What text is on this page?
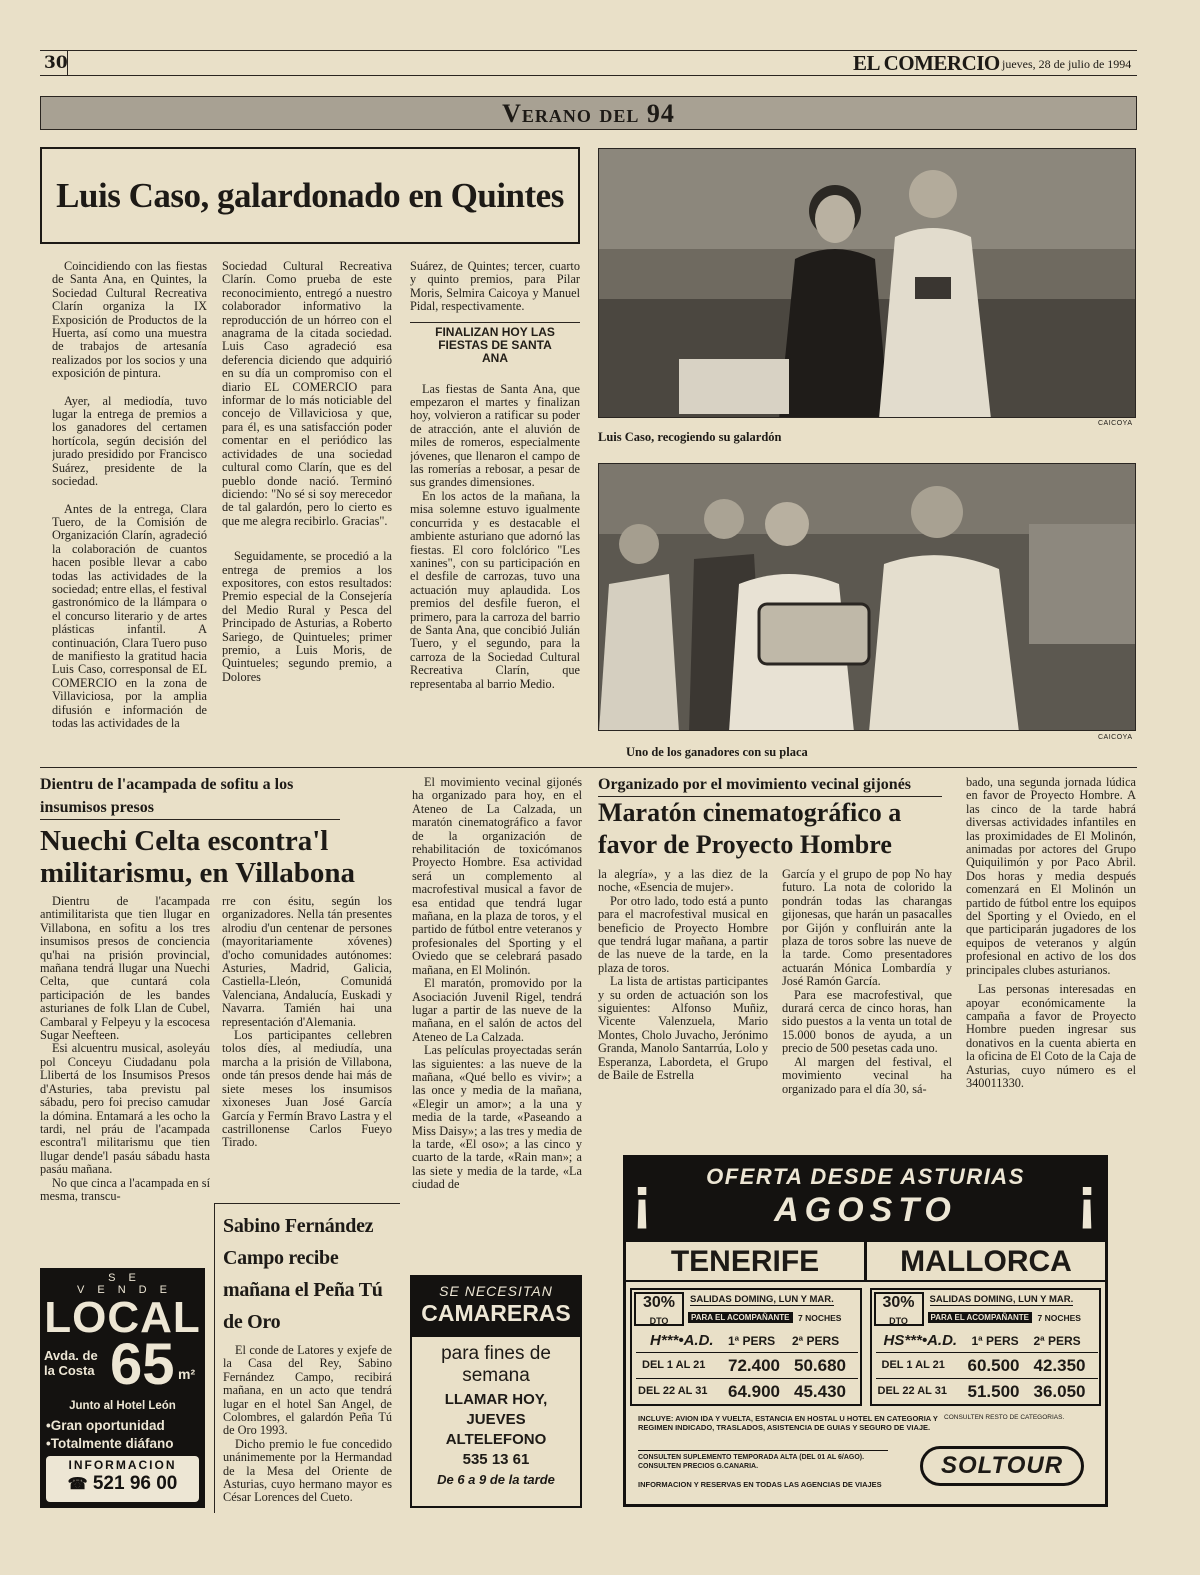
30	EL COMERCIO jueves, 28 de julio de 1994
Verano del 94
Luis Caso, galardonado en Quintes

Coincidiendo con las fiestas de Santa Ana, en Quintes, la Sociedad Cultural Recreativa Clarín organiza la IX Exposición de Productos de la Huerta, así como una muestra de trabajos de artesanía realizados por los socios y una exposición de pintura.

Ayer, al mediodía, tuvo lugar la entrega de premios a los ganadores del certamen hortícola, según decisión del jurado presidido por Francisco Suárez, presidente de la sociedad.

Antes de la entrega, Clara Tuero, de la Comisión de Organización Clarín, agradeció la colaboración de cuantos hacen posible llevar a cabo todas las actividades de la sociedad; entre ellas, el festival gastronómico de la llámpara o el concurso literario y de artes plásticas infantil. A continuación, Clara Tuero puso de manifiesto la gratitud hacia Luis Caso, corresponsal de EL COMERCIO en la zona de Villaviciosa, por la amplia difusión e información de todas las actividades de la

Sociedad Cultural Recreativa Clarín. Como prueba de este reconocimiento, entregó a nuestro colaborador informativo la reproducción de un hórreo con el anagrama de la citada sociedad. Luis Caso agradeció esa deferencia diciendo que adquirió en su día un compromiso con el diario EL COMERCIO para informar de lo más noticiable del concejo de Villaviciosa y que, para él, es una satisfacción poder comentar en el periódico las actividades de una sociedad cultural como Clarín, que es del pueblo donde nació. Terminó diciendo: "No sé si soy merecedor de tal galardón, pero lo cierto es que me alegra recibirlo. Gracias".

Seguidamente, se procedió a la entrega de premios a los expositores, con estos resultados: Premio especial de la Consejería del Medio Rural y Pesca del Principado de Asturias, a Roberto Sariego, de Quintueles; primer premio, a Luis Moris, de Quintueles; segundo premio, a Dolores

Suárez, de Quintes; tercer, cuarto y quinto premios, para Pilar Moris, Selmira Caicoya y Manuel Pidal, respectivamente.

FINALIZAN HOY LAS FIESTAS DE SANTA ANA

Las fiestas de Santa Ana, que empezaron el martes y finalizan hoy, volvieron a ratificar su poder de atracción, ante el aluvión de miles de romeros, especialmente jóvenes, que llenaron el campo de las romerías a rebosar, a pesar de sus grandes dimensiones.

En los actos de la mañana, la misa solemne estuvo igualmente concurrida y es destacable el ambiente asturiano que adornó las fiestas. El coro folclórico "Les xanines", con su participación en el desfile de carrozas, tuvo una actuación muy aplaudida. Los premios del desfile fueron, el primero, para la carroza del barrio de Santa Ana, que concibió Julián Tuero, y el segundo, para la carroza de la Sociedad Cultural Recreativa Clarín, que representaba al barrio Medio.

Luis Caso, recogiendo su galardón
CAICOYA
Uno de los ganadores con su placa
CAICOYA
Dientru de l'acampada de sofitu a los insumisos presos
Nuechi Celta escontra'l militarismu, en Villabona

Dientru de l'acampada antimilitarista que tien llugar en Villabona, en sofitu a los tres insumisos presos de conciencia qu'hai na prisión provincial, mañana tendrá llugar una Nuechi Celta, que cuntará cola participación de les bandes asturianes de folk Llan de Cubel, Cambaral y Felpeyu y la escocesa Sugar Neefteen.

Esi alcuentru musical, asoleyáu pol Conceyu Ciudadanu pola Llibertá de los Insumisos Presos d'Asturies, taba previstu pal sábadu, pero foi preciso camudar la dómina. Entamará a les ocho la tardi, nel práu de l'acampada escontra'l militarismu que tien llugar dende'l pasáu sábadu hasta pasáu mañana.

No que cinca a l'acampada en sí mesma, transcu-

rre con ésitu, según los organizadores. Nella tán presentes alrodiu d'un centenar de persones (mayoritariamente xóvenes) d'ocho comunidades autónomes: Asturies, Madrid, Galicia, Castiella-Lleón, Comunidá Valenciana, Andalucía, Euskadi y Navarra. Tamién hai una representación d'Alemania.

Los participantes cellebren tolos díes, al mediudía, una marcha a la prisión de Villabona, onde tán presos dende hai más de siete meses los insumisos xixoneses Juan José García García y Fermín Bravo Lastra y el castrillonense Carlos Fueyo Tirado.

SE VENDE
LOCAL
Avda. de la Costa 65 m²
Junto al Hotel León
•Gran oportunidad
•Totalmente diáfano
INFORMACION
☎ 521 96 00
Sabino Fernández Campo recibe mañana el Peña Tú de Oro

El conde de Latores y exjefe de la Casa del Rey, Sabino Fernández Campo, recibirá mañana, en un acto que tendrá lugar en el hotel San Angel, de Colombres, el galardón Peña Tú de Oro 1993.

Dicho premio le fue concedido unánimemente por la Hermandad de la Mesa del Oriente de Asturias, cuyo hermano mayor es César Lorences del Cueto.

El movimiento vecinal gijonés ha organizado para hoy, en el Ateneo de La Calzada, un maratón cinematográfico a favor de la organización de rehabilitación de toxicómanos Proyecto Hombre. Esa actividad será un complemento al macrofestival musical a favor de esa entidad que tendrá lugar mañana, en la plaza de toros, y el partido de fútbol entre veteranos y profesionales del Sporting y el Oviedo que se celebrará pasado mañana, en El Molinón.

El maratón, promovido por la Asociación Juvenil Rigel, tendrá lugar a partir de las nueve de la mañana, en el salón de actos del Ateneo de La Calzada.

Las películas proyectadas serán las siguientes: a las nueve de la mañana, «Qué bello es vivir»; a las once y media de la mañana, «Elegir un amor»; a la una y media de la tarde, «Paseando a Miss Daisy»; a las tres y media de la tarde, «El oso»; a las cinco y cuarto de la tarde, «Rain man»; a las siete y media de la tarde, «La ciudad de

Organizado por el movimiento vecinal gijonés
Maratón cinematográfico a favor de Proyecto Hombre

la alegría», y a las diez de la noche, «Esencia de mujer».

Por otro lado, todo está a punto para el macrofestival musical en beneficio de Proyecto Hombre que tendrá lugar mañana, a partir de las nueve de la tarde, en la plaza de toros.

La lista de artistas participantes y su orden de actuación son los siguientes: Alfonso Muñiz, Vicente Valenzuela, Mario Montes, Cholo Juvacho, Jerónimo Granda, Manolo Santarrúa, Lolo y Esperanza, Labordeta, el Grupo de Baile de Estrella

García y el grupo de pop No hay futuro. La nota de colorido la pondrán todas las charangas gijonesas, que harán un pasacalles por Gijón y confluirán ante la plaza de toros sobre las nueve de la tarde. Como presentadores actuarán Mónica Lombardía y José Ramón García.

Para ese macrofestival, que durará cerca de cinco horas, han sido puestos a la venta un total de 15.000 bonos de ayuda, a un precio de 500 pesetas cada uno.

Al margen del festival, el movimiento vecinal ha organizado para el día 30, sá-

bado, una segunda jornada lúdica en favor de Proyecto Hombre. A las cinco de la tarde habrá diversas actividades infantiles en las proximidades de El Molinón, animadas por actores del Grupo Quiquilimón y por Paco Abril. Dos horas y media después comenzará en El Molinón un partido de fútbol entre los equipos del Sporting y el Oviedo, en el que participarán jugadores de los equipos de veteranos y algún profesional en activo de los dos principales clubes asturianos.

Las personas interesadas en apoyar económicamente la campaña a favor de Proyecto Hombre pueden ingresar sus donativos en la cuenta abierta en la oficina de El Coto de la Caja de Asturias, cuyo número es el 340011330.

SE NECESITAN
CAMARERAS
para fines de
semana
LLAMAR HOY,
JUEVES
ALTELEFONO
535 13 61
De 6 a 9 de la tarde
OFERTA DESDE ASTURIAS
AGOSTO
¡	¡
TENERIFE	MALLORCA
30%
DTO
SALIDAS DOMING, LUN Y MAR.
PARA EL ACOMPAÑANTE 7 NOCHES
H***•A.D. 1ª PERS 2ª PERS
DEL 1 AL 21 72.400 50.680
DEL 22 AL 31 64.900 45.430
30%
DTO
SALIDAS DOMING, LUN Y MAR.
PARA EL ACOMPAÑANTE 7 NOCHES
HS***•A.D. 1ª PERS 2ª PERS
DEL 1 AL 21 60.500 42.350
DEL 22 AL 31 51.500 36.050
INCLUYE: AVION IDA Y VUELTA, ESTANCIA EN HOSTAL U HOTEL EN CATEGORIA Y REGIMEN INDICADO, TRASLADOS, ASISTENCIA DE GUIAS Y SEGURO DE VIAJE.
CONSULTEN RESTO DE CATEGORIAS.
CONSULTEN SUPLEMENTO TEMPORADA ALTA (DEL 01 AL 6/AGO). CONSULTEN PRECIOS G.CANARIA.
INFORMACION Y RESERVAS EN TODAS LAS AGENCIAS DE VIAJES
SOLTOUR
